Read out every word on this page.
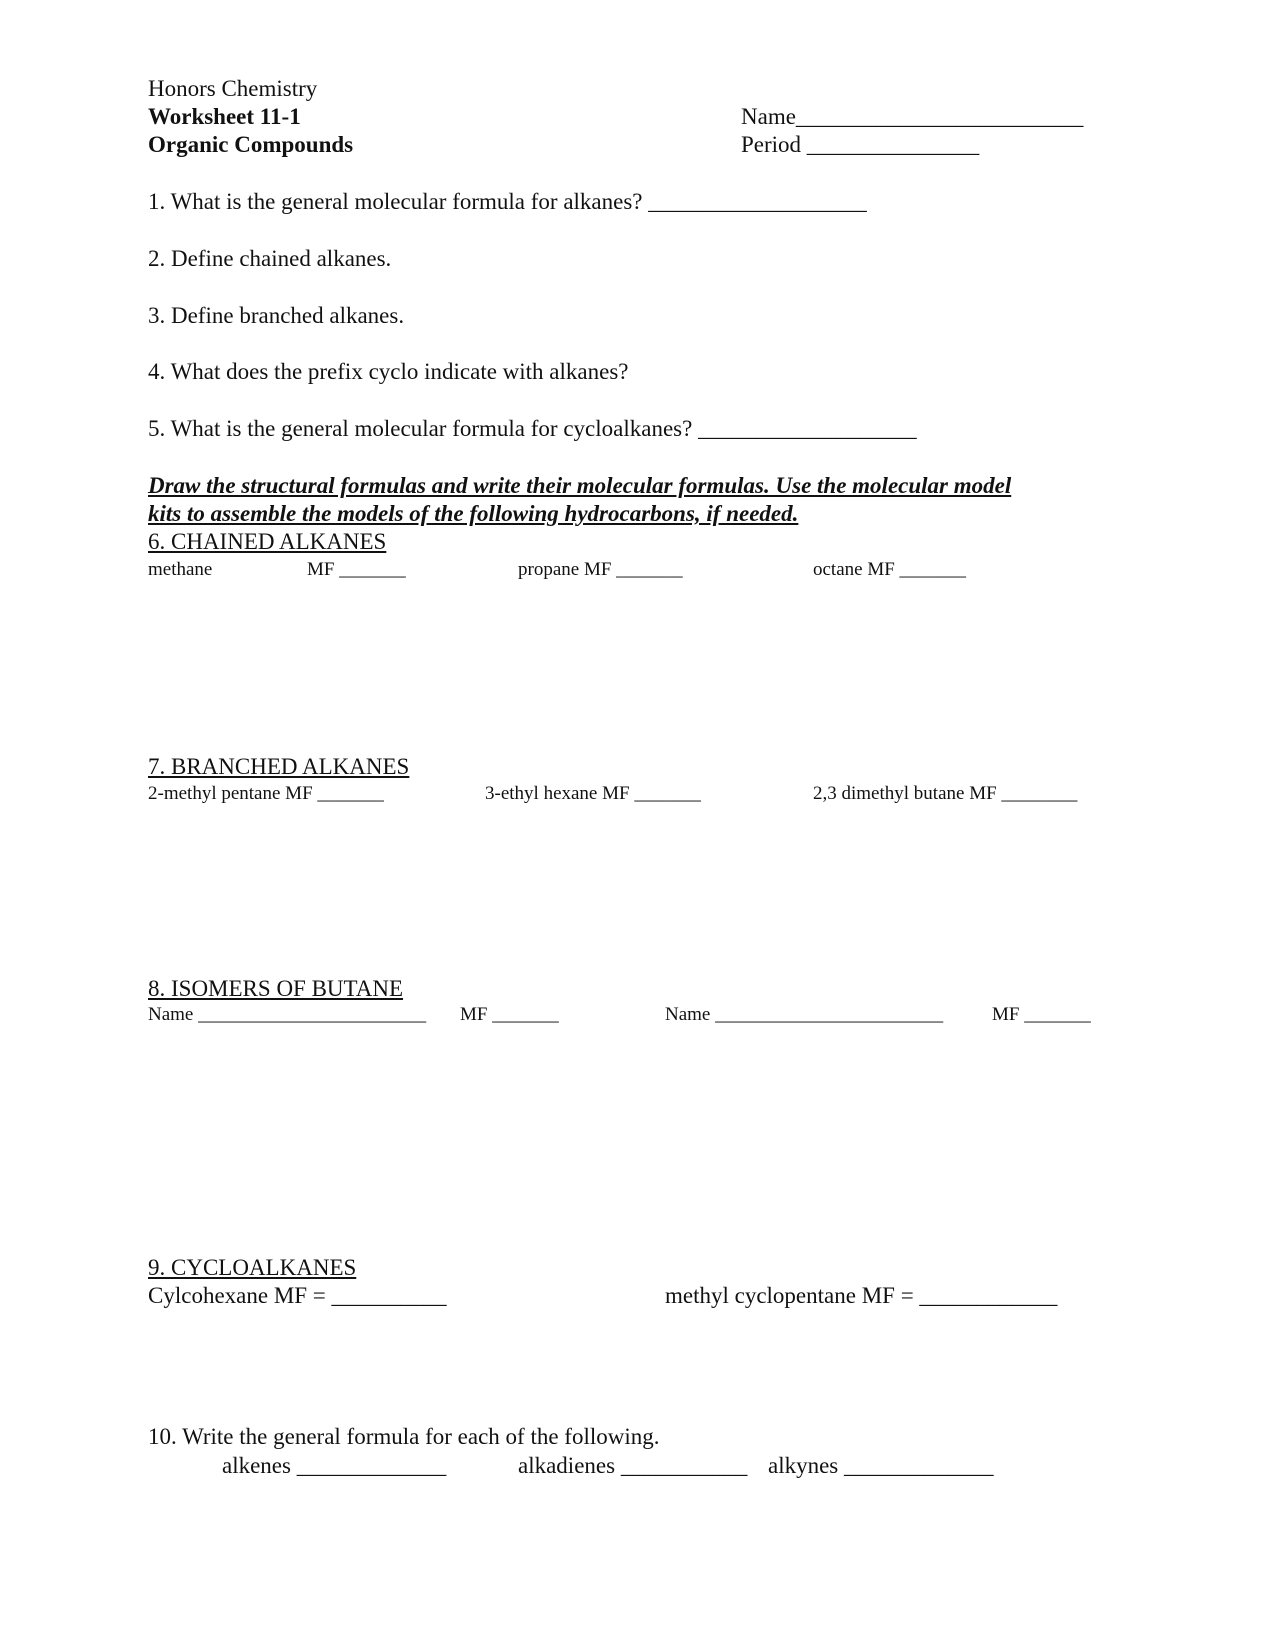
Honors Chemistry
Worksheet 11-1
Organic Compounds
Name_________________________
Period _______________
1. What is the general molecular formula for alkanes? ___________________
2. Define chained alkanes.
3. Define branched alkanes.
4. What does the prefix cyclo indicate with alkanes?
5. What is the general molecular formula for cycloalkanes? ___________________
Draw the structural formulas and write their molecular formulas. Use the molecular model
kits to assemble the models of the following hydrocarbons, if needed.
6. CHAINED ALKANES
methane	MF _______	propane MF _______	octane MF _______
7. BRANCHED ALKANES
2-methyl pentane MF _______	3-ethyl hexane MF _______	2,3 dimethyl butane MF ________
8. ISOMERS OF BUTANE
Name ________________________ MF _______	Name ________________________	MF _______
9. CYCLOALKANES
Cylcohexane MF = __________	methyl cyclopentane MF = ____________
10. Write the general formula for each of the following.
alkenes _____________	alkadienes ___________ alkynes _____________
